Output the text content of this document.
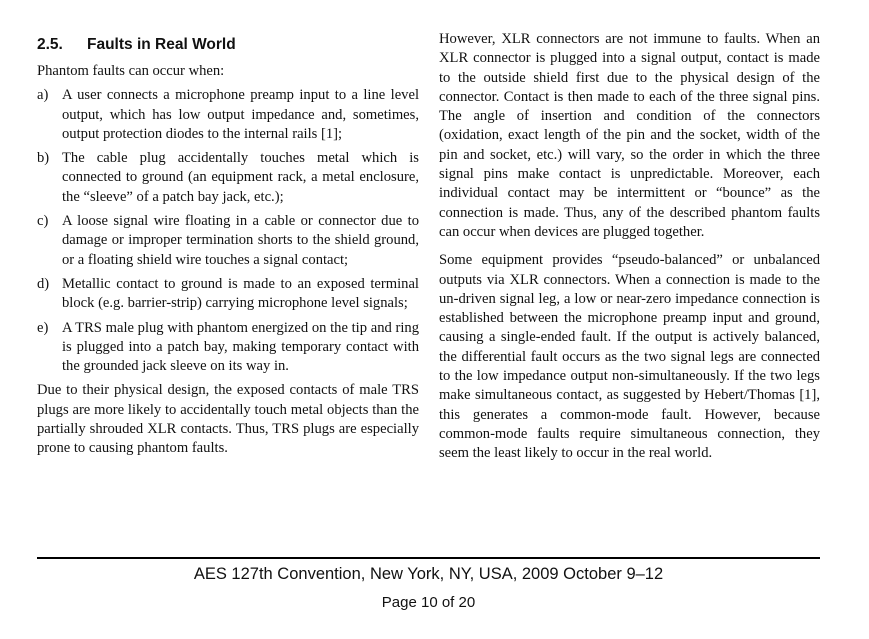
2.5. Faults in Real World
Phantom faults can occur when:
a) A user connects a microphone preamp input to a line level output, which has low output impedance and, sometimes, output protection diodes to the internal rails [1];
b) The cable plug accidentally touches metal which is connected to ground (an equipment rack, a metal enclosure, the “sleeve” of a patch bay jack, etc.);
c) A loose signal wire floating in a cable or connector due to damage or improper termination shorts to the shield ground, or a floating shield wire touches a signal contact;
d) Metallic contact to ground is made to an exposed terminal block (e.g. barrier-strip) carrying microphone level signals;
e) A TRS male plug with phantom energized on the tip and ring is plugged into a patch bay, making temporary contact with the grounded jack sleeve on its way in.

Due to their physical design, the exposed contacts of male TRS plugs are more likely to accidentally touch metal objects than the partially shrouded XLR contacts. Thus, TRS plugs are especially prone to causing phantom faults.

However, XLR connectors are not immune to faults. When an XLR connector is plugged into a signal output, contact is made to the outside shield first due to the physical design of the connector. Contact is then made to each of the three signal pins. The angle of insertion and condition of the connectors (oxidation, exact length of the pin and the socket, width of the pin and socket, etc.) will vary, so the order in which the three signal pins make contact is unpredictable. Moreover, each individual contact may be intermittent or “bounce” as the connection is made. Thus, any of the described phantom faults can occur when devices are plugged together.

Some equipment provides “pseudo-balanced” or unbalanced outputs via XLR connectors. When a connection is made to the un-driven signal leg, a low or near-zero impedance connection is established between the microphone preamp input and ground, causing a single-ended fault. If the output is actively balanced, the differential fault occurs as the two signal legs are connected to the low impedance output non-simultaneously. If the two legs make simultaneous contact, as suggested by Hebert/Thomas [1], this generates a common-mode fault. However, because common-mode faults require simultaneous connection, they seem the least likely to occur in the real world.

AES 127th Convention, New York, NY, USA, 2009 October 9–12
Page 10 of 20
